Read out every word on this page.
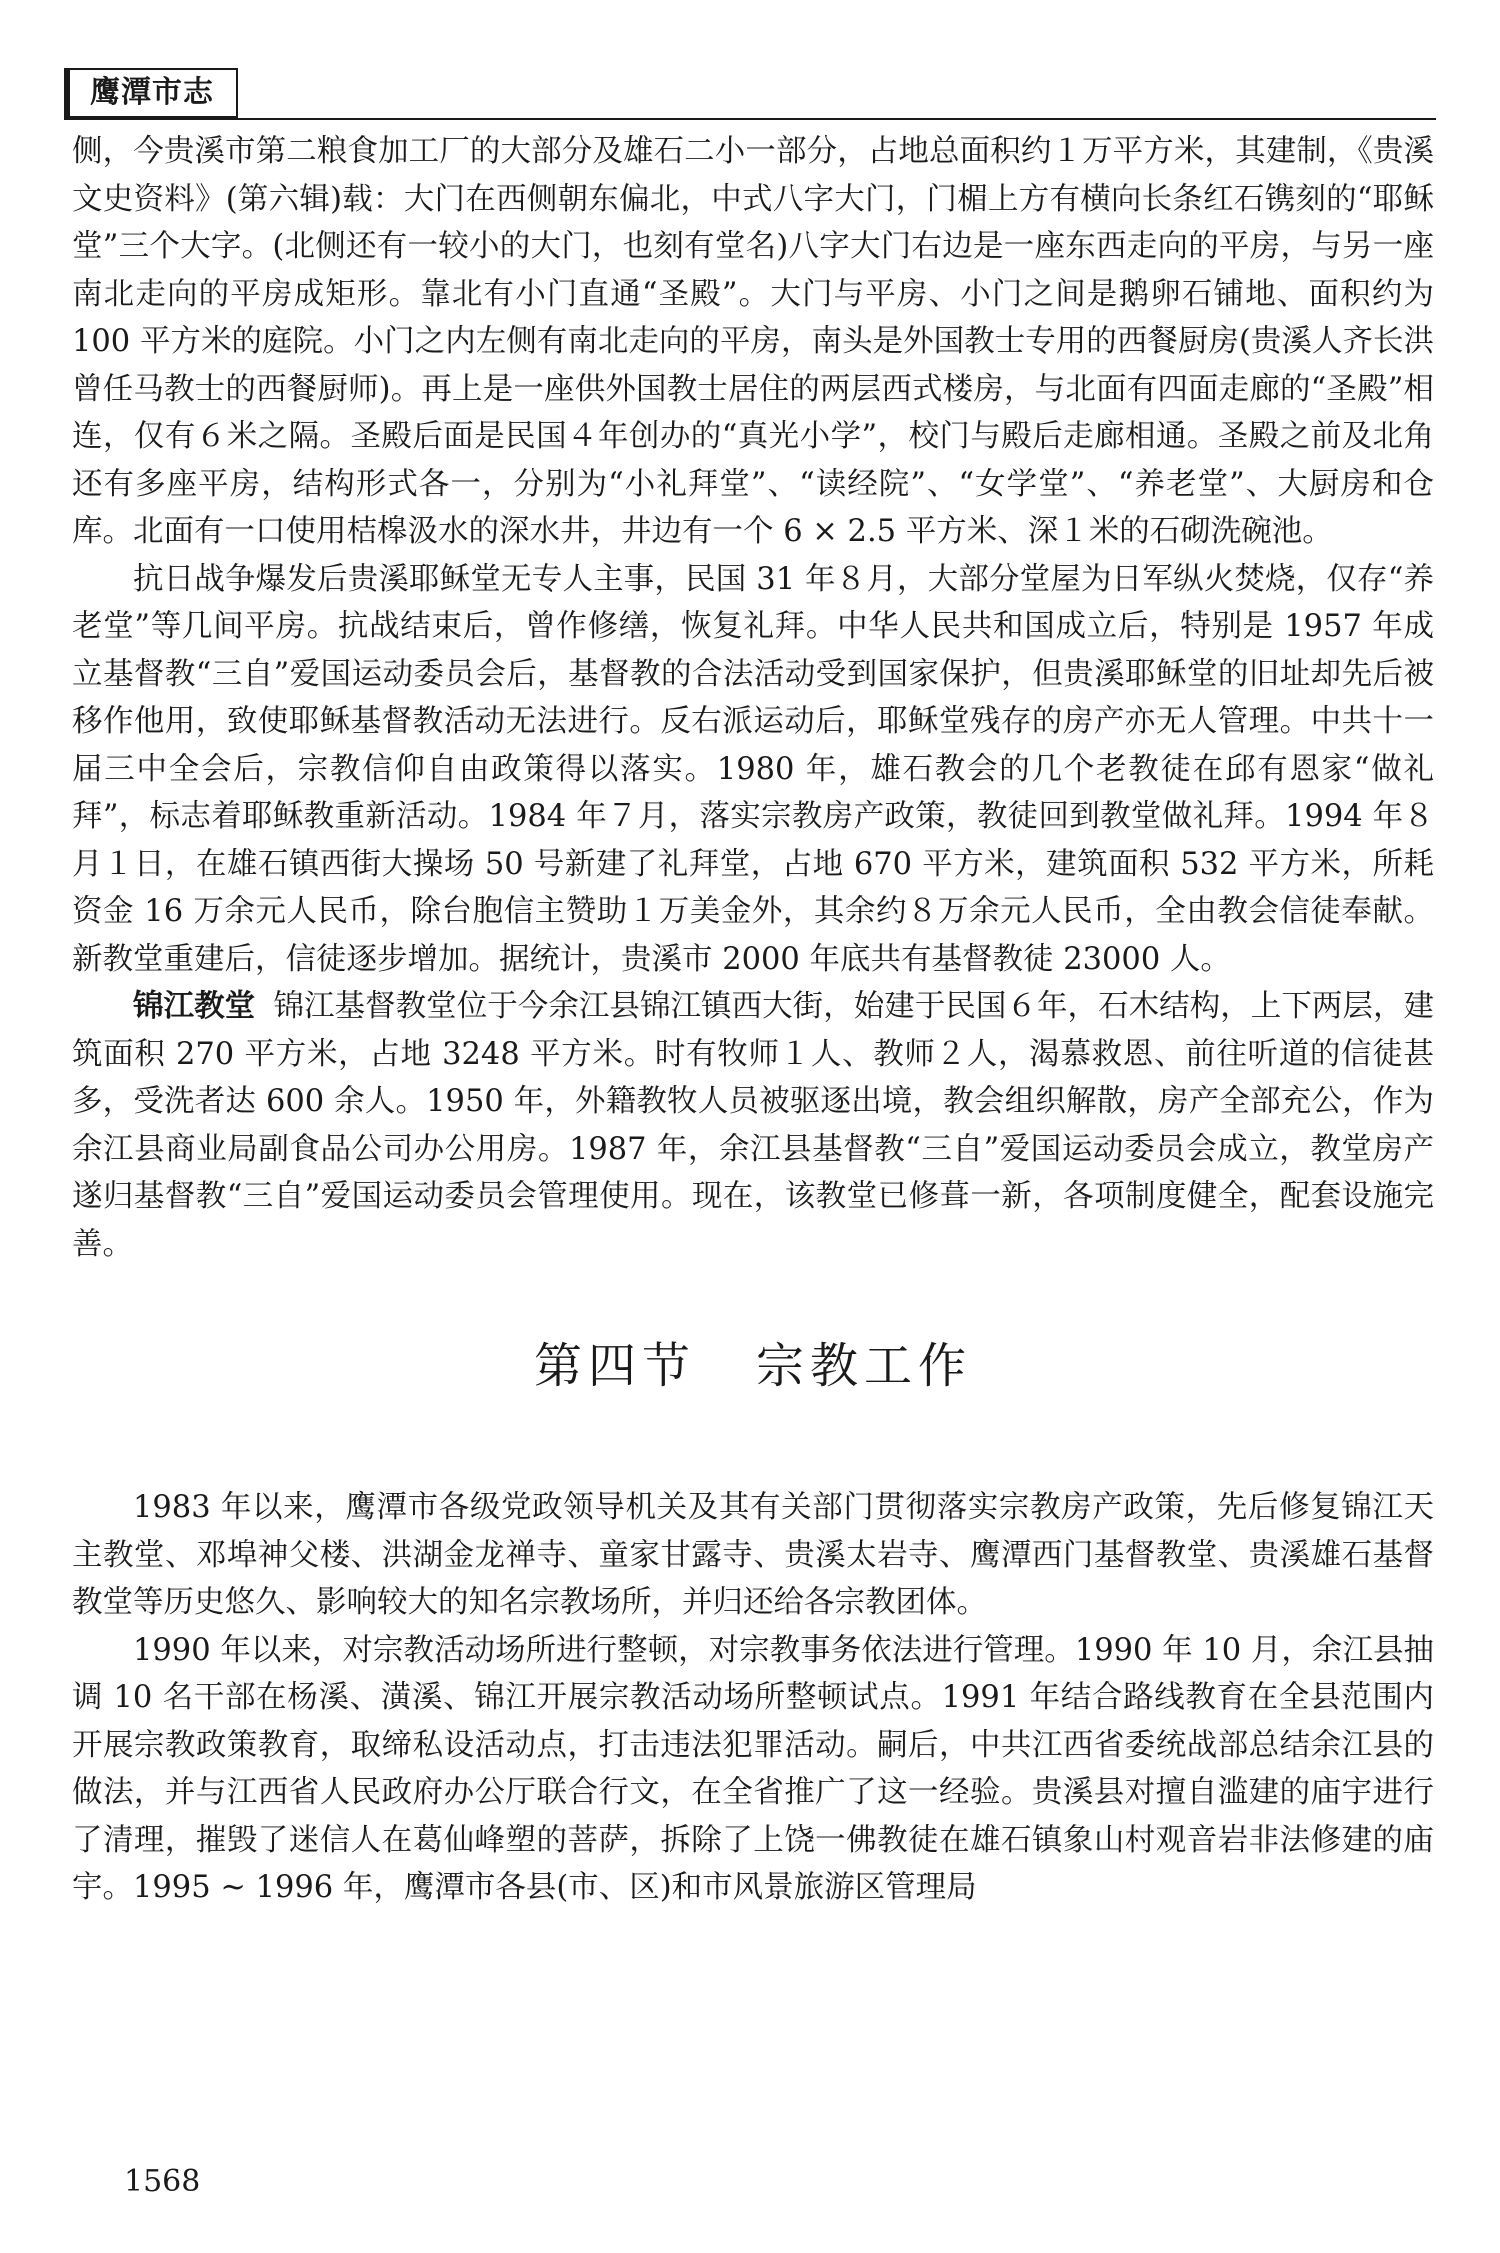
鹰潭市志

侧，今贵溪市第二粮食加工厂的大部分及雄石二小一部分，占地总面积约１万平方米，其建制，《贵溪文史资料》(第六辑)载：大门在西侧朝东偏北，中式八字大门，门楣上方有横向长条红石镌刻的“耶稣堂”三个大字。(北侧还有一较小的大门，也刻有堂名)八字大门右边是一座东西走向的平房，与另一座南北走向的平房成矩形。靠北有小门直通“圣殿”。大门与平房、小门之间是鹅卵石铺地、面积约为 100 平方米的庭院。小门之内左侧有南北走向的平房，南头是外国教士专用的西餐厨房(贵溪人齐长洪曾任马教士的西餐厨师)。再上是一座供外国教士居住的两层西式楼房，与北面有四面走廊的“圣殿”相连，仅有６米之隔。圣殿后面是民国４年创办的“真光小学”，校门与殿后走廊相通。圣殿之前及北角还有多座平房，结构形式各一，分别为“小礼拜堂”、“读经院”、“女学堂”、“养老堂”、大厨房和仓库。北面有一口使用桔槔汲水的深水井，井边有一个 6 × 2.5 平方米、深１米的石砌洗碗池。

抗日战争爆发后贵溪耶稣堂无专人主事，民国 31 年８月，大部分堂屋为日军纵火焚烧，仅存“养老堂”等几间平房。抗战结束后，曾作修缮，恢复礼拜。中华人民共和国成立后，特别是 1957 年成立基督教“三自”爱国运动委员会后，基督教的合法活动受到国家保护，但贵溪耶稣堂的旧址却先后被移作他用，致使耶稣基督教活动无法进行。反右派运动后，耶稣堂残存的房产亦无人管理。中共十一届三中全会后，宗教信仰自由政策得以落实。1980 年，雄石教会的几个老教徒在邱有恩家“做礼拜”，标志着耶稣教重新活动。1984 年７月，落实宗教房产政策，教徒回到教堂做礼拜。1994 年８月１日，在雄石镇西街大操场 50 号新建了礼拜堂，占地 670 平方米，建筑面积 532 平方米，所耗资金 16 万余元人民币，除台胞信主赞助１万美金外，其余约８万余元人民币，全由教会信徒奉献。新教堂重建后，信徒逐步增加。据统计，贵溪市 2000 年底共有基督教徒 23000 人。

锦江教堂 锦江基督教堂位于今余江县锦江镇西大街，始建于民国６年，石木结构，上下两层，建筑面积 270 平方米，占地 3248 平方米。时有牧师１人、教师２人，渴慕救恩、前往听道的信徒甚多，受洗者达 600 余人。1950 年，外籍教牧人员被驱逐出境，教会组织解散，房产全部充公，作为余江县商业局副食品公司办公用房。1987 年，余江县基督教“三自”爱国运动委员会成立，教堂房产遂归基督教“三自”爱国运动委员会管理使用。现在，该教堂已修葺一新，各项制度健全，配套设施完善。

第四节 宗教工作

1983 年以来，鹰潭市各级党政领导机关及其有关部门贯彻落实宗教房产政策，先后修复锦江天主教堂、邓埠神父楼、洪湖金龙禅寺、童家甘露寺、贵溪太岩寺、鹰潭西门基督教堂、贵溪雄石基督教堂等历史悠久、影响较大的知名宗教场所，并归还给各宗教团体。

1990 年以来，对宗教活动场所进行整顿，对宗教事务依法进行管理。1990 年 10 月，余江县抽调 10 名干部在杨溪、潢溪、锦江开展宗教活动场所整顿试点。1991 年结合路线教育在全县范围内开展宗教政策教育，取缔私设活动点，打击违法犯罪活动。嗣后，中共江西省委统战部总结余江县的做法，并与江西省人民政府办公厅联合行文，在全省推广了这一经验。贵溪县对擅自滥建的庙宇进行了清理，摧毁了迷信人在葛仙峰塑的菩萨，拆除了上饶一佛教徒在雄石镇象山村观音岩非法修建的庙宇。1995 ~ 1996 年，鹰潭市各县(市、区)和市风景旅游区管理局

1568
